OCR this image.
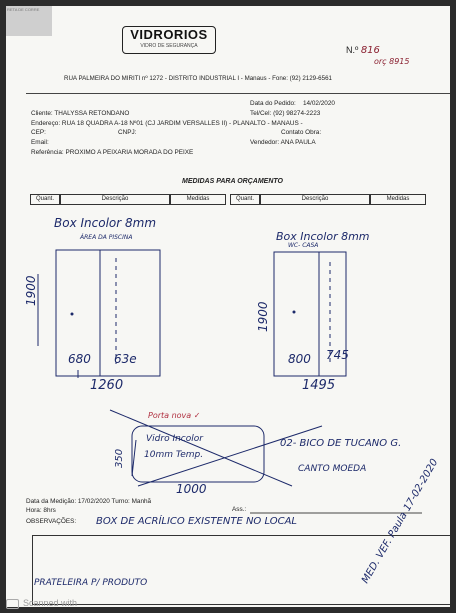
RETA DE CORRE
VIDRORIOS
VIDRO DE SEGURANÇA	N.º 816
orç 8915
RUA PALMEIRA DO MIRITI nº 1272 - DISTRITO INDUSTRIAL I - Manaus - Fone: (92) 2129-6561
Data do Pedido: 14/02/2020
Cliente: THALYSSA RETONDANO	Tel/Cel: (92) 98274-2223
Endereço: RUA 18 QUADRA A-18 Nº01 (CJ JARDIM VERSALLES II) - PLANALTO - MANAUS -
CEP:	CNPJ:	Contato Obra:
Email:	Vendedor: ANA PAULA
Referência: PROXIMO A PEIXARIA MORADA DO PEIXE
MEDIDAS PARA ORÇAMENTO
Quant.	Descrição	Medidas	Quant.	Descrição	Medidas
Box Incolor 8mm
ÁREA DA PISCINA
1900
680 63e
1260
Box Incolor 8mm
WC- CASA
1900
800 745
1495
Porta nova ✓
Vidro Incolor
10mm Temp.
350
1000
02- BICO DE TUCANO G.
CANTO MOEDA
Data da Medição: 17/02/2020 Turno: Manhã
Hora: 8hrs	Ass.:
OBSERVAÇÕES: BOX DE ACRÍLICO EXISTENTE NO LOCAL
PRATELEIRA P/ PRODUTO	MED. VEF. Paula 17-02-2020
Scanned with
